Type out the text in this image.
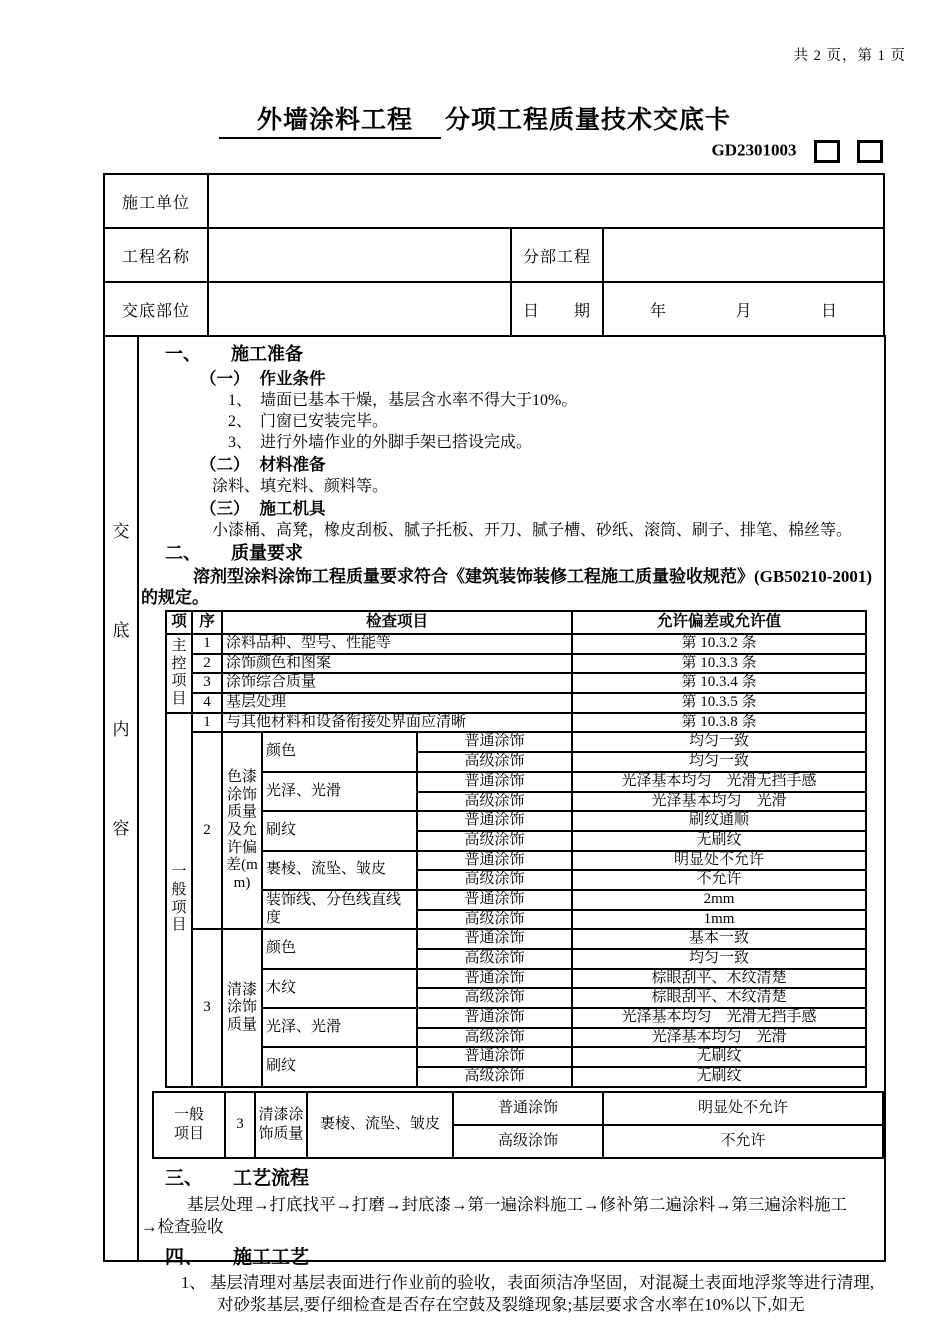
共 2 页，第 1 页
外墙涂料工程 分项工程质量技术交底卡
GD2301003
施工单位			
工程名称		分部工程	
交底部位		日　　期	年 月 日
交
底
内
容
一、 施工准备
（一） 作业条件
1、　墙面已基本干燥，基层含水率不得大于10%。
2、　门窗已安装完毕。
3、　进行外墙作业的外脚手架已搭设完成。
（二） 材料准备
涂料、填充料、颜料等。
（三） 施工机具
小漆桶、高凳，橡皮刮板、腻子托板、开刀、腻子槽、砂纸、滚筒、刷子、排笔、棉丝等。
二、 质量要求
溶剂型涂料涂饰工程质量要求符合《建筑装饰装修工程施工质量验收规范》(GB50210-2001)的规定。
项	序	检查项目			允许偏差或允许值
主控项目	1	涂料品种、型号、性能等			第 10.3.2 条
	2	涂饰颜色和图案			第 10.3.3 条
	3	涂饰综合质量			第 10.3.4 条
	4	基层处理			第 10.3.5 条
一般项目	1	与其他材料和设备衔接处界面应清晰			第 10.3.8 条
	2	色漆涂饰质量及允许偏差(mm)	颜色	普通涂饰	均匀一致
				高级涂饰	均匀一致
			光泽、光滑	普通涂饰	光泽基本均匀　光滑无挡手感
				高级涂饰	光泽基本均匀　光滑
			刷纹	普通涂饰	刷纹通顺
				高级涂饰	无刷纹
			裹棱、流坠、皱皮	普通涂饰	明显处不允许
				高级涂饰	不允许
			装饰线、分色线直线度	普通涂饰	2mm
				高级涂饰	1mm
	3	清漆涂饰质量	颜色	普通涂饰	基本一致
				高级涂饰	均匀一致
			木纹	普通涂饰	棕眼刮平、木纹清楚
				高级涂饰	棕眼刮平、木纹清楚
			光泽、光滑	普通涂饰	光泽基本均匀　光滑无挡手感
				高级涂饰	光泽基本均匀　光滑
			刷纹	普通涂饰	无刷纹
				高级涂饰	无刷纹
一般项目	3	清漆涂饰质量	裹棱、流坠、皱皮	普通涂饰	明显处不允许
				高级涂饰	不允许
三、 工艺流程
基层处理→打底找平→打磨→封底漆→第一遍涂料施工→修补第二遍涂料→第三遍涂料施工→检查验收
四、 施工工艺
1、 基层清理对基层表面进行作业前的验收，表面须洁净坚固，对混凝土表面地浮浆等进行清理,对砂浆基层,要仔细检查是否存在空鼓及裂缝现象;基层要求含水率在10%以下,如无
